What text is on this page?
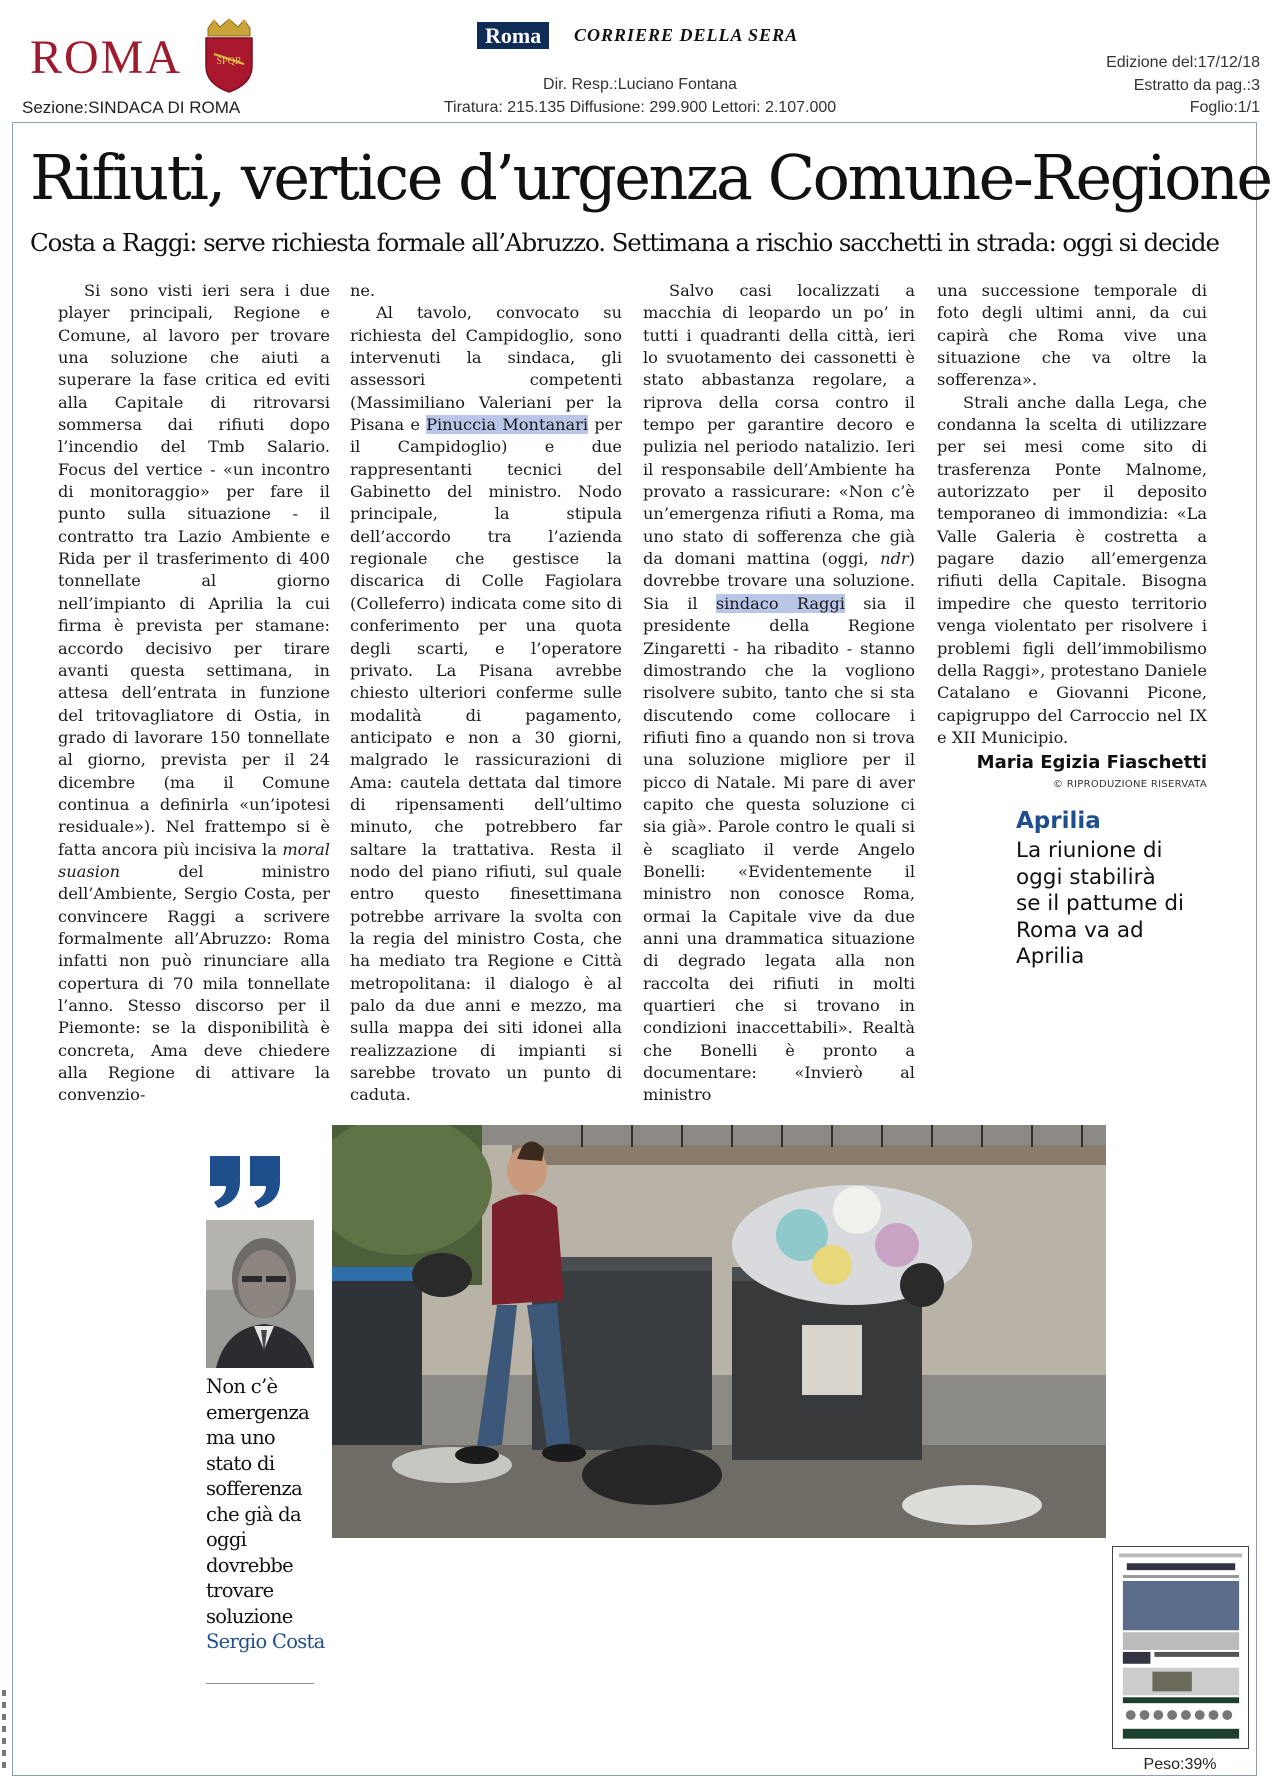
ROMA	SPQR
Sezione:SINDACA DI ROMA
Roma	CORRIERE DELLA SERA
Dir. Resp.:Luciano Fontana
Tiratura: 215.135 Diffusione: 299.900 Lettori: 2.107.000
Edizione del:17/12/18
Estratto da pag.:3
Foglio:1/1
Rifiuti, vertice d’urgenza Comune-Regione
Costa a Raggi: serve richiesta formale all’Abruzzo. Settimana a rischio sacchetti in strada: oggi si decide

Si sono visti ieri sera i due player principali, Regione e Comune, al lavoro per trovare una soluzione che aiuti a superare la fase critica ed eviti alla Capitale di ritrovarsi sommersa dai rifiuti dopo l’incendio del Tmb Salario. Focus del vertice - «un incontro di monitoraggio» per fare il punto sulla situazione - il contratto tra Lazio Ambiente e Rida per il trasferimento di 400 tonnellate al giorno nell’impianto di Aprilia la cui firma è prevista per stamane: accordo decisivo per tirare avanti questa settimana, in attesa dell’entrata in funzione del tritovagliatore di Ostia, in grado di lavorare 150 tonnellate al giorno, prevista per il 24 dicembre (ma il Comune continua a definirla «un’ipotesi residuale»). Nel frattempo si è fatta ancora più incisiva la moral suasion del ministro dell’Ambiente, Sergio Costa, per convincere Raggi a scrivere formalmente all’Abruzzo: Roma infatti non può rinunciare alla copertura di 70 mila tonnellate l’anno. Stesso discorso per il Piemonte: se la disponibilità è concreta, Ama deve chiedere alla Regione di attivare la convenzio-

ne.

Al tavolo, convocato su richiesta del Campidoglio, sono intervenuti la sindaca, gli assessori competenti (Massimiliano Valeriani per la Pisana e Pinuccia Montanari per il Campidoglio) e due rappresentanti tecnici del Gabinetto del ministro. Nodo principale, la stipula dell’accordo tra l’azienda regionale che gestisce la discarica di Colle Fagiolara (Colleferro) indicata come sito di conferimento per una quota degli scarti, e l’operatore privato. La Pisana avrebbe chiesto ulteriori conferme sulle modalità di pagamento, anticipato e non a 30 giorni, malgrado le rassicurazioni di Ama: cautela dettata dal timore di ripensamenti dell’ultimo minuto, che potrebbero far saltare la trattativa. Resta il nodo del piano rifiuti, sul quale entro questo finesettimana potrebbe arrivare la svolta con la regia del ministro Costa, che ha mediato tra Regione e Città metropolitana: il dialogo è al palo da due anni e mezzo, ma sulla mappa dei siti idonei alla realizzazione di impianti si sarebbe trovato un punto di caduta.

Salvo casi localizzati a macchia di leopardo un po’ in tutti i quadranti della città, ieri lo svuotamento dei cassonetti è stato abbastanza regolare, a riprova della corsa contro il tempo per garantire decoro e pulizia nel periodo natalizio. Ieri il responsabile dell’Ambiente ha provato a rassicurare: «Non c’è un’emergenza rifiuti a Roma, ma uno stato di sofferenza che già da domani mattina (oggi, ndr) dovrebbe trovare una soluzione. Sia il sindaco Raggi sia il presidente della Regione Zingaretti - ha ribadito - stanno dimostrando che la vogliono risolvere subito, tanto che si sta discutendo come collocare i rifiuti fino a quando non si trova una soluzione migliore per il picco di Natale. Mi pare di aver capito che questa soluzione ci sia già». Parole contro le quali si è scagliato il verde Angelo Bonelli: «Evidentemente il ministro non conosce Roma, ormai la Capitale vive da due anni una drammatica situazione di degrado legata alla non raccolta dei rifiuti in molti quartieri che si trovano in condizioni inaccettabili». Realtà che Bonelli è pronto a documentare: «Invierò al ministro

una successione temporale di foto degli ultimi anni, da cui capirà che Roma vive una situazione che va oltre la sofferenza».

Strali anche dalla Lega, che condanna la scelta di utilizzare per sei mesi come sito di trasferenza Ponte Malnome, autorizzato per il deposito temporaneo di immondizia: «La Valle Galeria è costretta a pagare dazio all’emergenza rifiuti della Capitale. Bisogna impedire che questo territorio venga violentato per risolvere i problemi figli dell’immobilismo della Raggi», protestano Daniele Catalano e Giovanni Picone, capigruppo del Carroccio nel IX e XII Municipio.

Maria Egizia Fiaschetti
© RIPRODUZIONE RISERVATA
Aprilia
La riunione di oggi stabilirà se il pattume di Roma va ad Aprilia
Non c’è emergenza ma uno stato di sofferenza che già da oggi dovrebbe trovare soluzione
Sergio Costa
Peso:39%
